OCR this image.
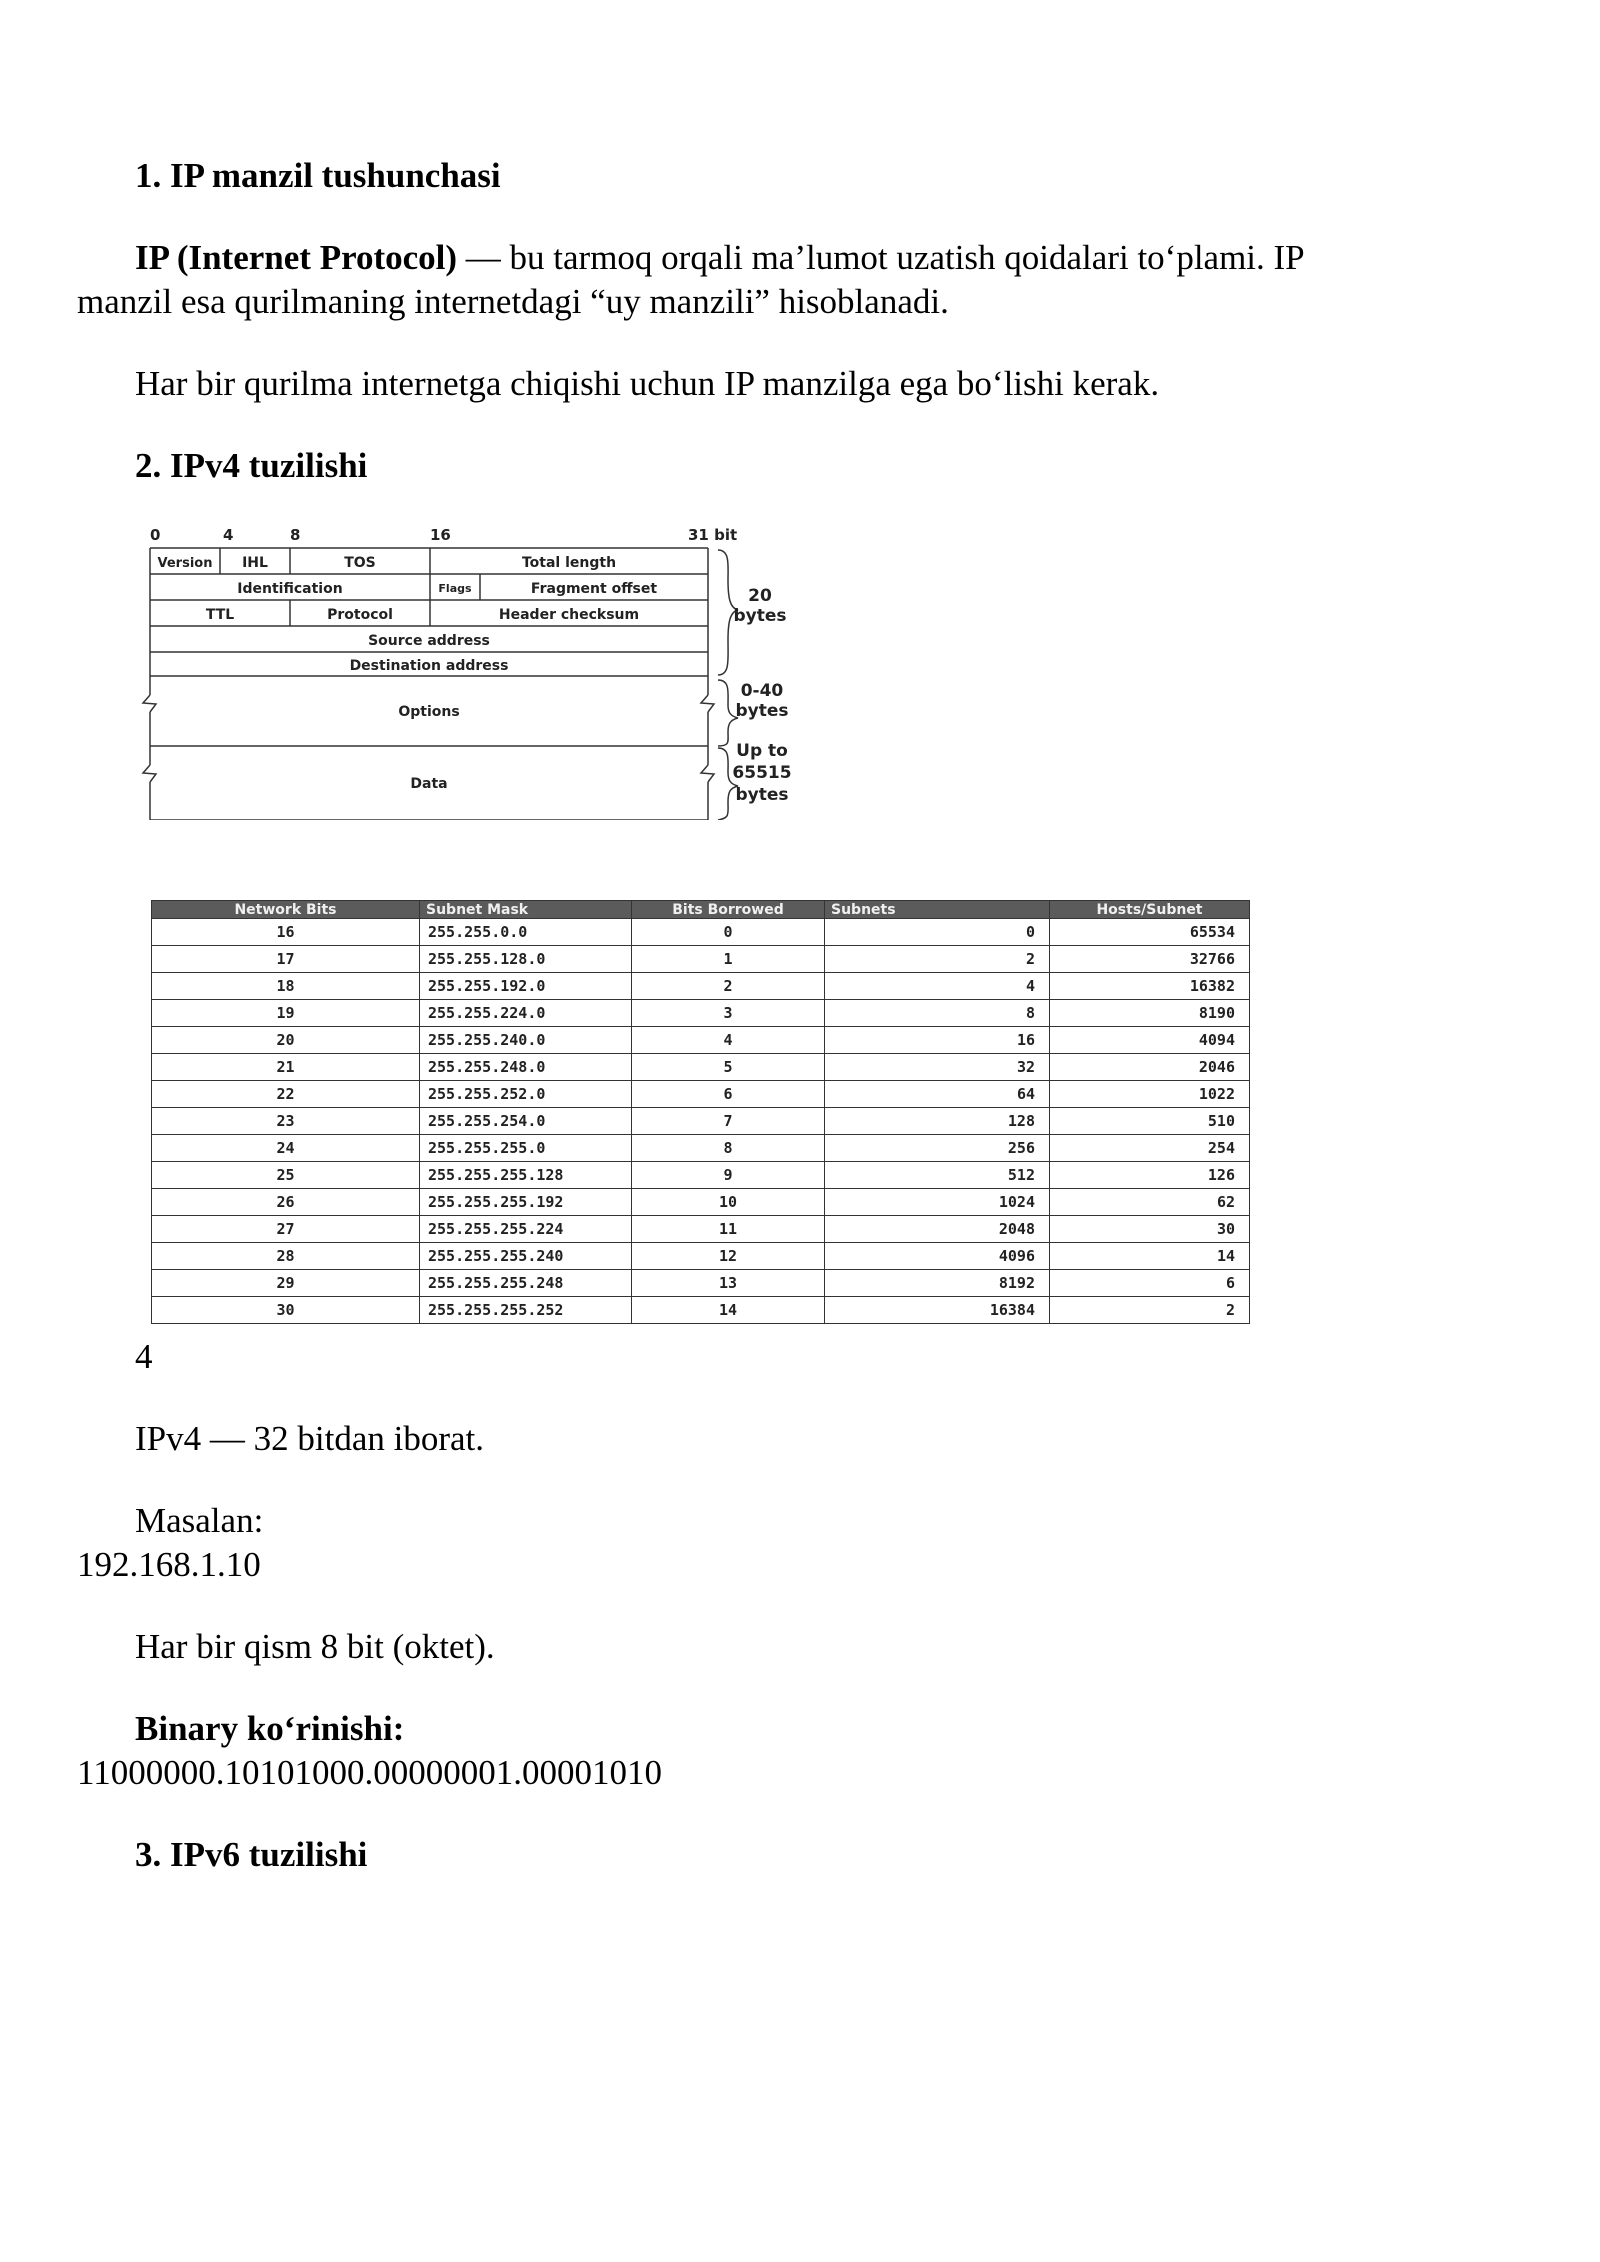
1. IP manzil tushunchasi
IP (Internet Protocol) — bu tarmoq orqali ma’lumot uzatish qoidalari to‘plami. IP
manzil esa qurilmaning internetdagi “uy manzili” hisoblanadi.
Har bir qurilma internetga chiqishi uchun IP manzilga ega bo‘lishi kerak.
2. IPv4 tuzilishi
0	4	8	16	31 bit
Version IHL	TOS	Total length
Identification	Flags	Fragment offset
TTL	Protocol	Header checksum
Source address
Destination address
Options
Data
20
bytes
0-40
bytes
Up to
65515
bytes
Network Bits	Subnet Mask	Bits Borrowed	Subnets	Hosts/Subnet
16	255.255.0.0	0	0	65534
17	255.255.128.0	1	2	32766
18	255.255.192.0	2	4	16382
19	255.255.224.0	3	8	8190
20	255.255.240.0	4	16	4094
21	255.255.248.0	5	32	2046
22	255.255.252.0	6	64	1022
23	255.255.254.0	7	128	510
24	255.255.255.0	8	256	254
25	255.255.255.128	9	512	126
26	255.255.255.192	10	1024	62
27	255.255.255.224	11	2048	30
28	255.255.255.240	12	4096	14
29	255.255.255.248	13	8192	6
30	255.255.255.252	14	16384	2
4
IPv4 — 32 bitdan iborat.
Masalan:
192.168.1.10
Har bir qism 8 bit (oktet).
Binary ko‘rinishi:
11000000.10101000.00000001.00001010
3. IPv6 tuzilishi
